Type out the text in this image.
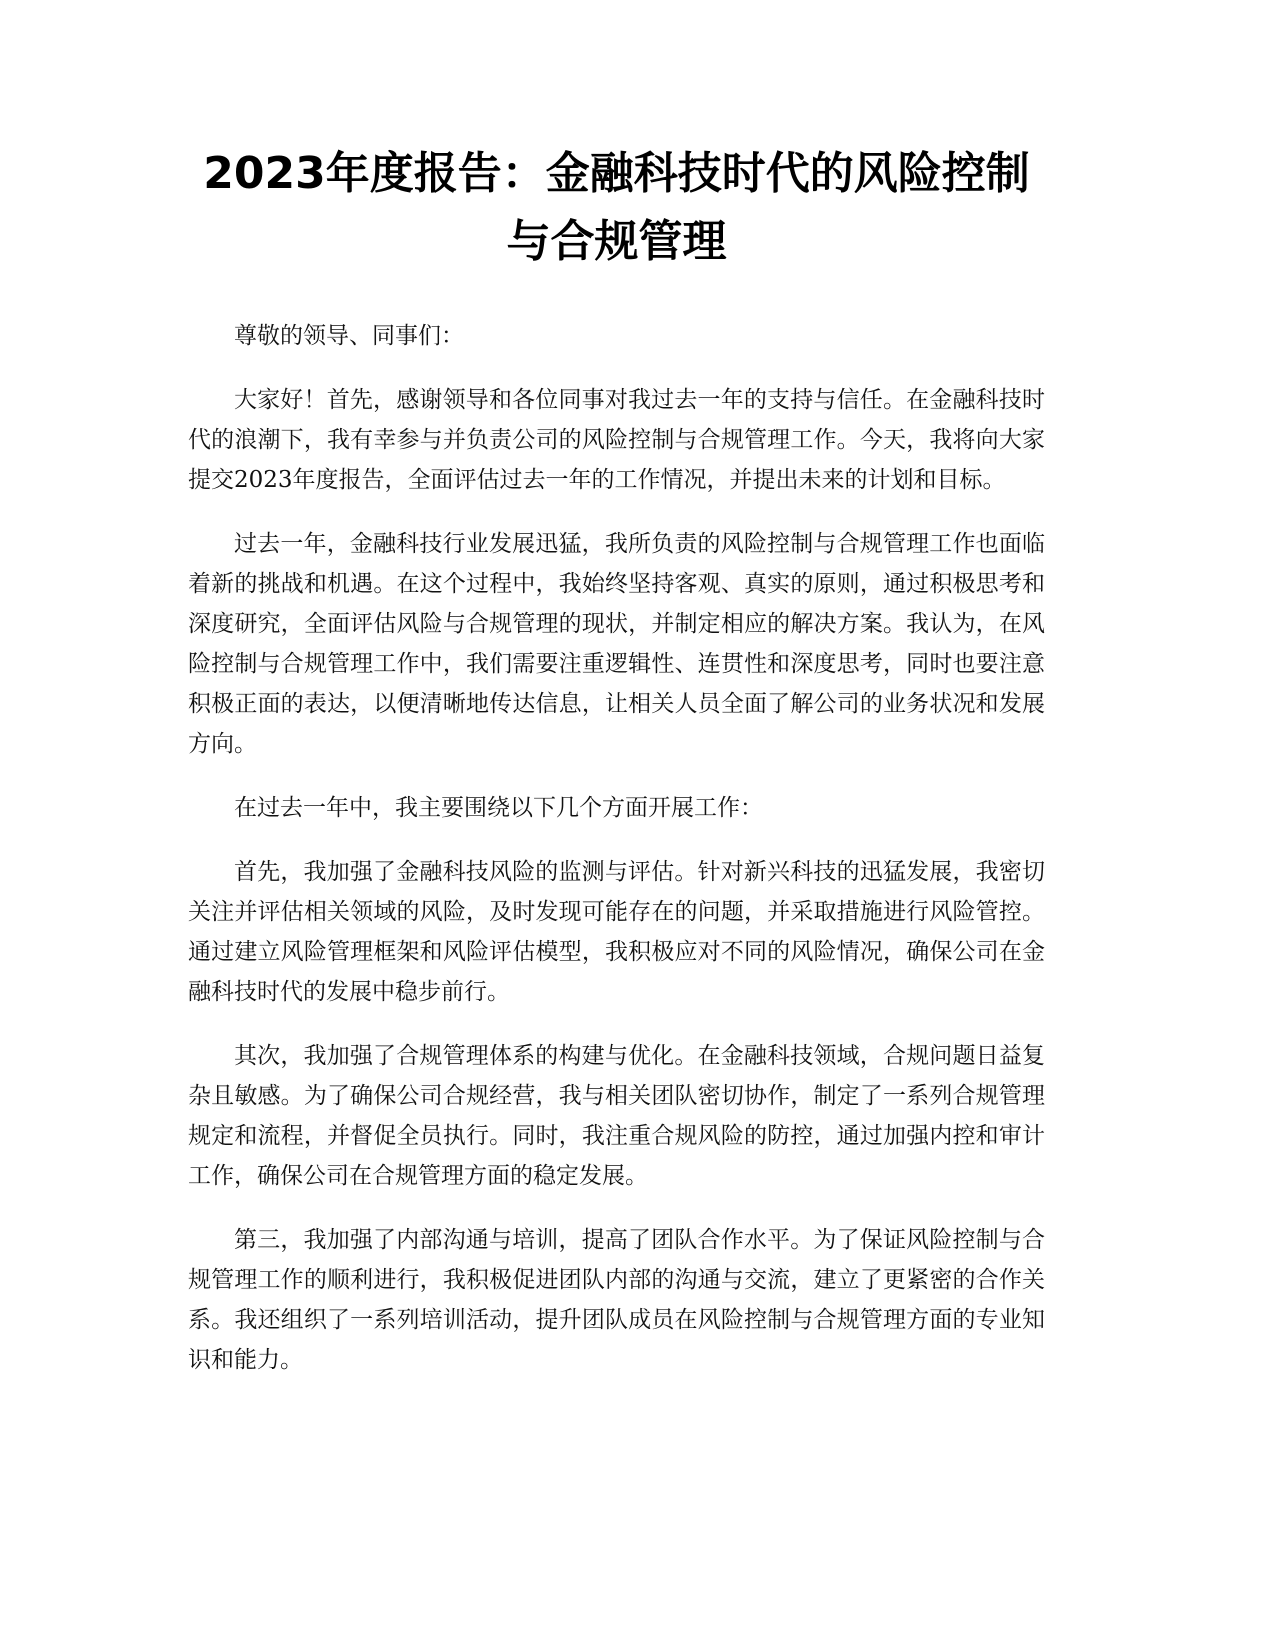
2023年度报告：金融科技时代的风险控制与合规管理

尊敬的领导、同事们：

大家好！首先，感谢领导和各位同事对我过去一年的支持与信任。在金融科技时代的浪潮下，我有幸参与并负责公司的风险控制与合规管理工作。今天，我将向大家提交2023年度报告，全面评估过去一年的工作情况，并提出未来的计划和目标。

过去一年，金融科技行业发展迅猛，我所负责的风险控制与合规管理工作也面临着新的挑战和机遇。在这个过程中，我始终坚持客观、真实的原则，通过积极思考和深度研究，全面评估风险与合规管理的现状，并制定相应的解决方案。我认为，在风险控制与合规管理工作中，我们需要注重逻辑性、连贯性和深度思考，同时也要注意积极正面的表达，以便清晰地传达信息，让相关人员全面了解公司的业务状况和发展方向。

在过去一年中，我主要围绕以下几个方面开展工作：

首先，我加强了金融科技风险的监测与评估。针对新兴科技的迅猛发展，我密切关注并评估相关领域的风险，及时发现可能存在的问题，并采取措施进行风险管控。通过建立风险管理框架和风险评估模型，我积极应对不同的风险情况，确保公司在金融科技时代的发展中稳步前行。

其次，我加强了合规管理体系的构建与优化。在金融科技领域，合规问题日益复杂且敏感。为了确保公司合规经营，我与相关团队密切协作，制定了一系列合规管理规定和流程，并督促全员执行。同时，我注重合规风险的防控，通过加强内控和审计工作，确保公司在合规管理方面的稳定发展。

第三，我加强了内部沟通与培训，提高了团队合作水平。为了保证风险控制与合规管理工作的顺利进行，我积极促进团队内部的沟通与交流，建立了更紧密的合作关系。我还组织了一系列培训活动，提升团队成员在风险控制与合规管理方面的专业知识和能力。
